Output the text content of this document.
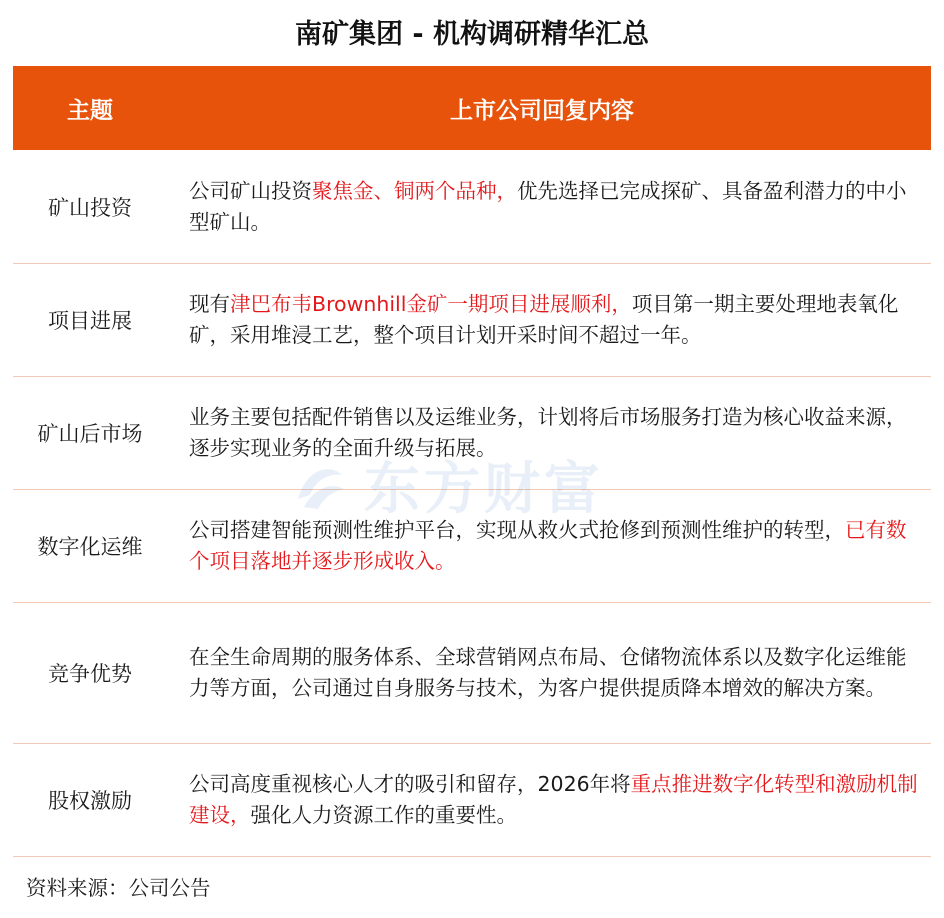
南矿集团 - 机构调研精华汇总
主题	上市公司回复内容
矿山投资
公司矿山投资聚焦金、铜两个品种，优先选择已完成探矿、具备盈利潜力的中小型矿山。
项目进展
现有津巴布韦Brownhill金矿一期项目进展顺利，项目第一期主要处理地表氧化矿，采用堆浸工艺，整个项目计划开采时间不超过一年。
矿山后市场
业务主要包括配件销售以及运维业务，计划将后市场服务打造为核心收益来源，逐步实现业务的全面升级与拓展。
数字化运维
公司搭建智能预测性维护平台，实现从救火式抢修到预测性维护的转型，已有数个项目落地并逐步形成收入。
竞争优势
在全生命周期的服务体系、全球营销网点布局、仓储物流体系以及数字化运维能力等方面，公司通过自身服务与技术，为客户提供提质降本增效的解决方案。
股权激励
公司高度重视核心人才的吸引和留存，2026年将重点推进数字化转型和激励机制建设，强化人力资源工作的重要性。
东方财富
资料来源：公司公告
